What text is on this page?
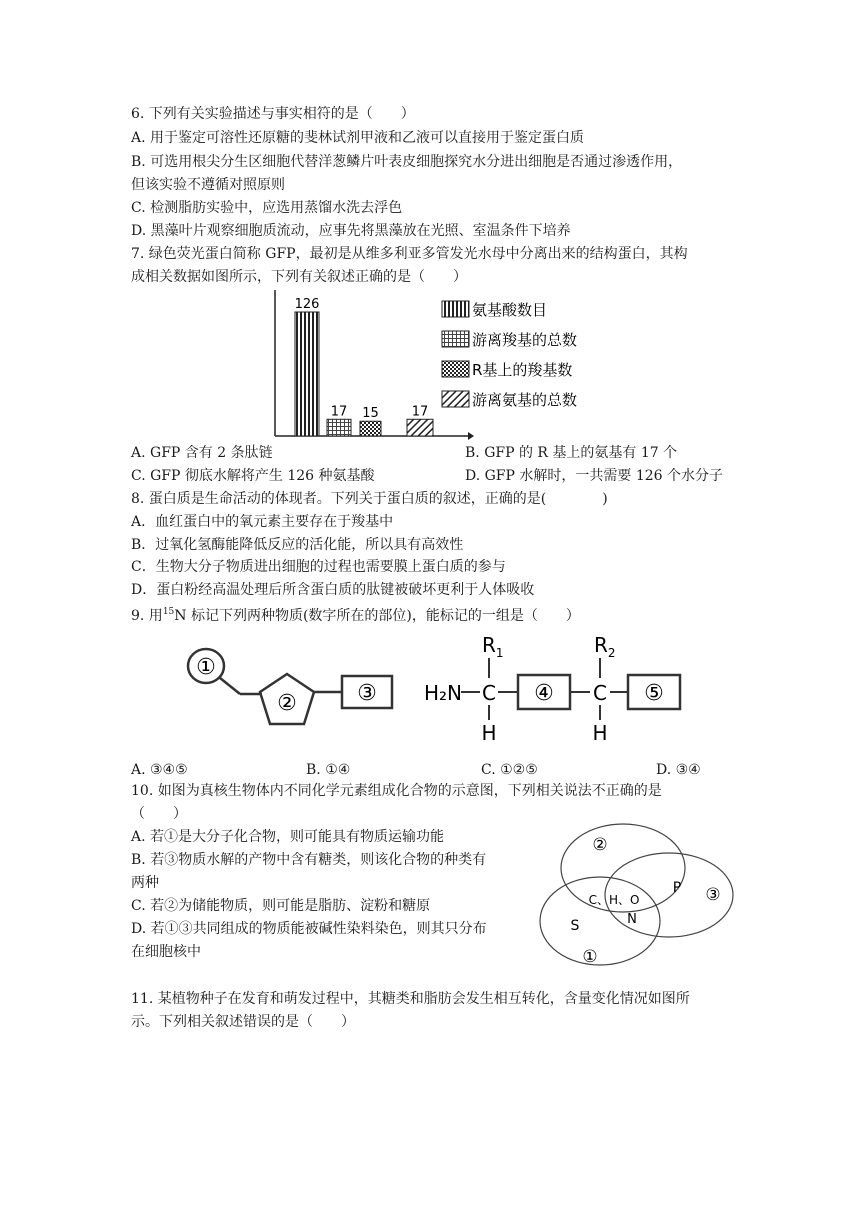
6. 下列有关实验描述与事实相符的是（　　）
A. 用于鉴定可溶性还原糖的斐林试剂甲液和乙液可以直接用于鉴定蛋白质
B. 可选用根尖分生区细胞代替洋葱鳞片叶表皮细胞探究水分进出细胞是否通过渗透作用，
但该实验不遵循对照原则
C. 检测脂肪实验中，应选用蒸馏水洗去浮色
D. 黑藻叶片观察细胞质流动，应事先将黑藻放在光照、室温条件下培养
7. 绿色荧光蛋白简称 GFP，最初是从维多利亚多管发光水母中分离出来的结构蛋白，其构
成相关数据如图所示，下列有关叙述正确的是（　　）
126
17 15	17
氨基酸数目
游离羧基的总数
R基上的羧基数
游离氨基的总数
A. GFP 含有 2 条肽链	B. GFP 的 R 基上的氨基有 17 个
C. GFP 彻底水解将产生 126 种氨基酸	D. GFP 水解时，一共需要 126 个水分子
8. 蛋白质是生命活动的体现者。下列关于蛋白质的叙述，正确的是(　　　　)
A．血红蛋白中的氧元素主要存在于羧基中
B．过氧化氢酶能降低反应的活化能，所以具有高效性
C．生物大分子物质进出细胞的过程也需要膜上蛋白质的参与
D．蛋白粉经高温处理后所含蛋白质的肽键被破坏更利于人体吸收
9. 用$^{15}$N 标记下列两种物质(数字所在的部位)，能标记的一组是（　　）
①
②	③ H₂N C
$R_1$
H
④ C
$R_2$
H
⑤
A. ③④⑤	B. ①④	C. ①②⑤	D. ③④
10. 如图为真核生物体内不同化学元素组成化合物的示意图，下列相关说法不正确的是
（　　）
A. 若①是大分子化合物，则可能具有物质运输功能
B. 若③物质水解的产物中含有糖类，则该化合物的种类有
两种
C. 若②为储能物质，则可能是脂肪、淀粉和糖原
D. 若①③共同组成的物质能被碱性染料染色，则其只分布
在细胞核中
②
③
①
P
S
C、H、O
N
11. 某植物种子在发育和萌发过程中，其糖类和脂肪会发生相互转化，含量变化情况如图所
示。下列相关叙述错误的是（　　）
